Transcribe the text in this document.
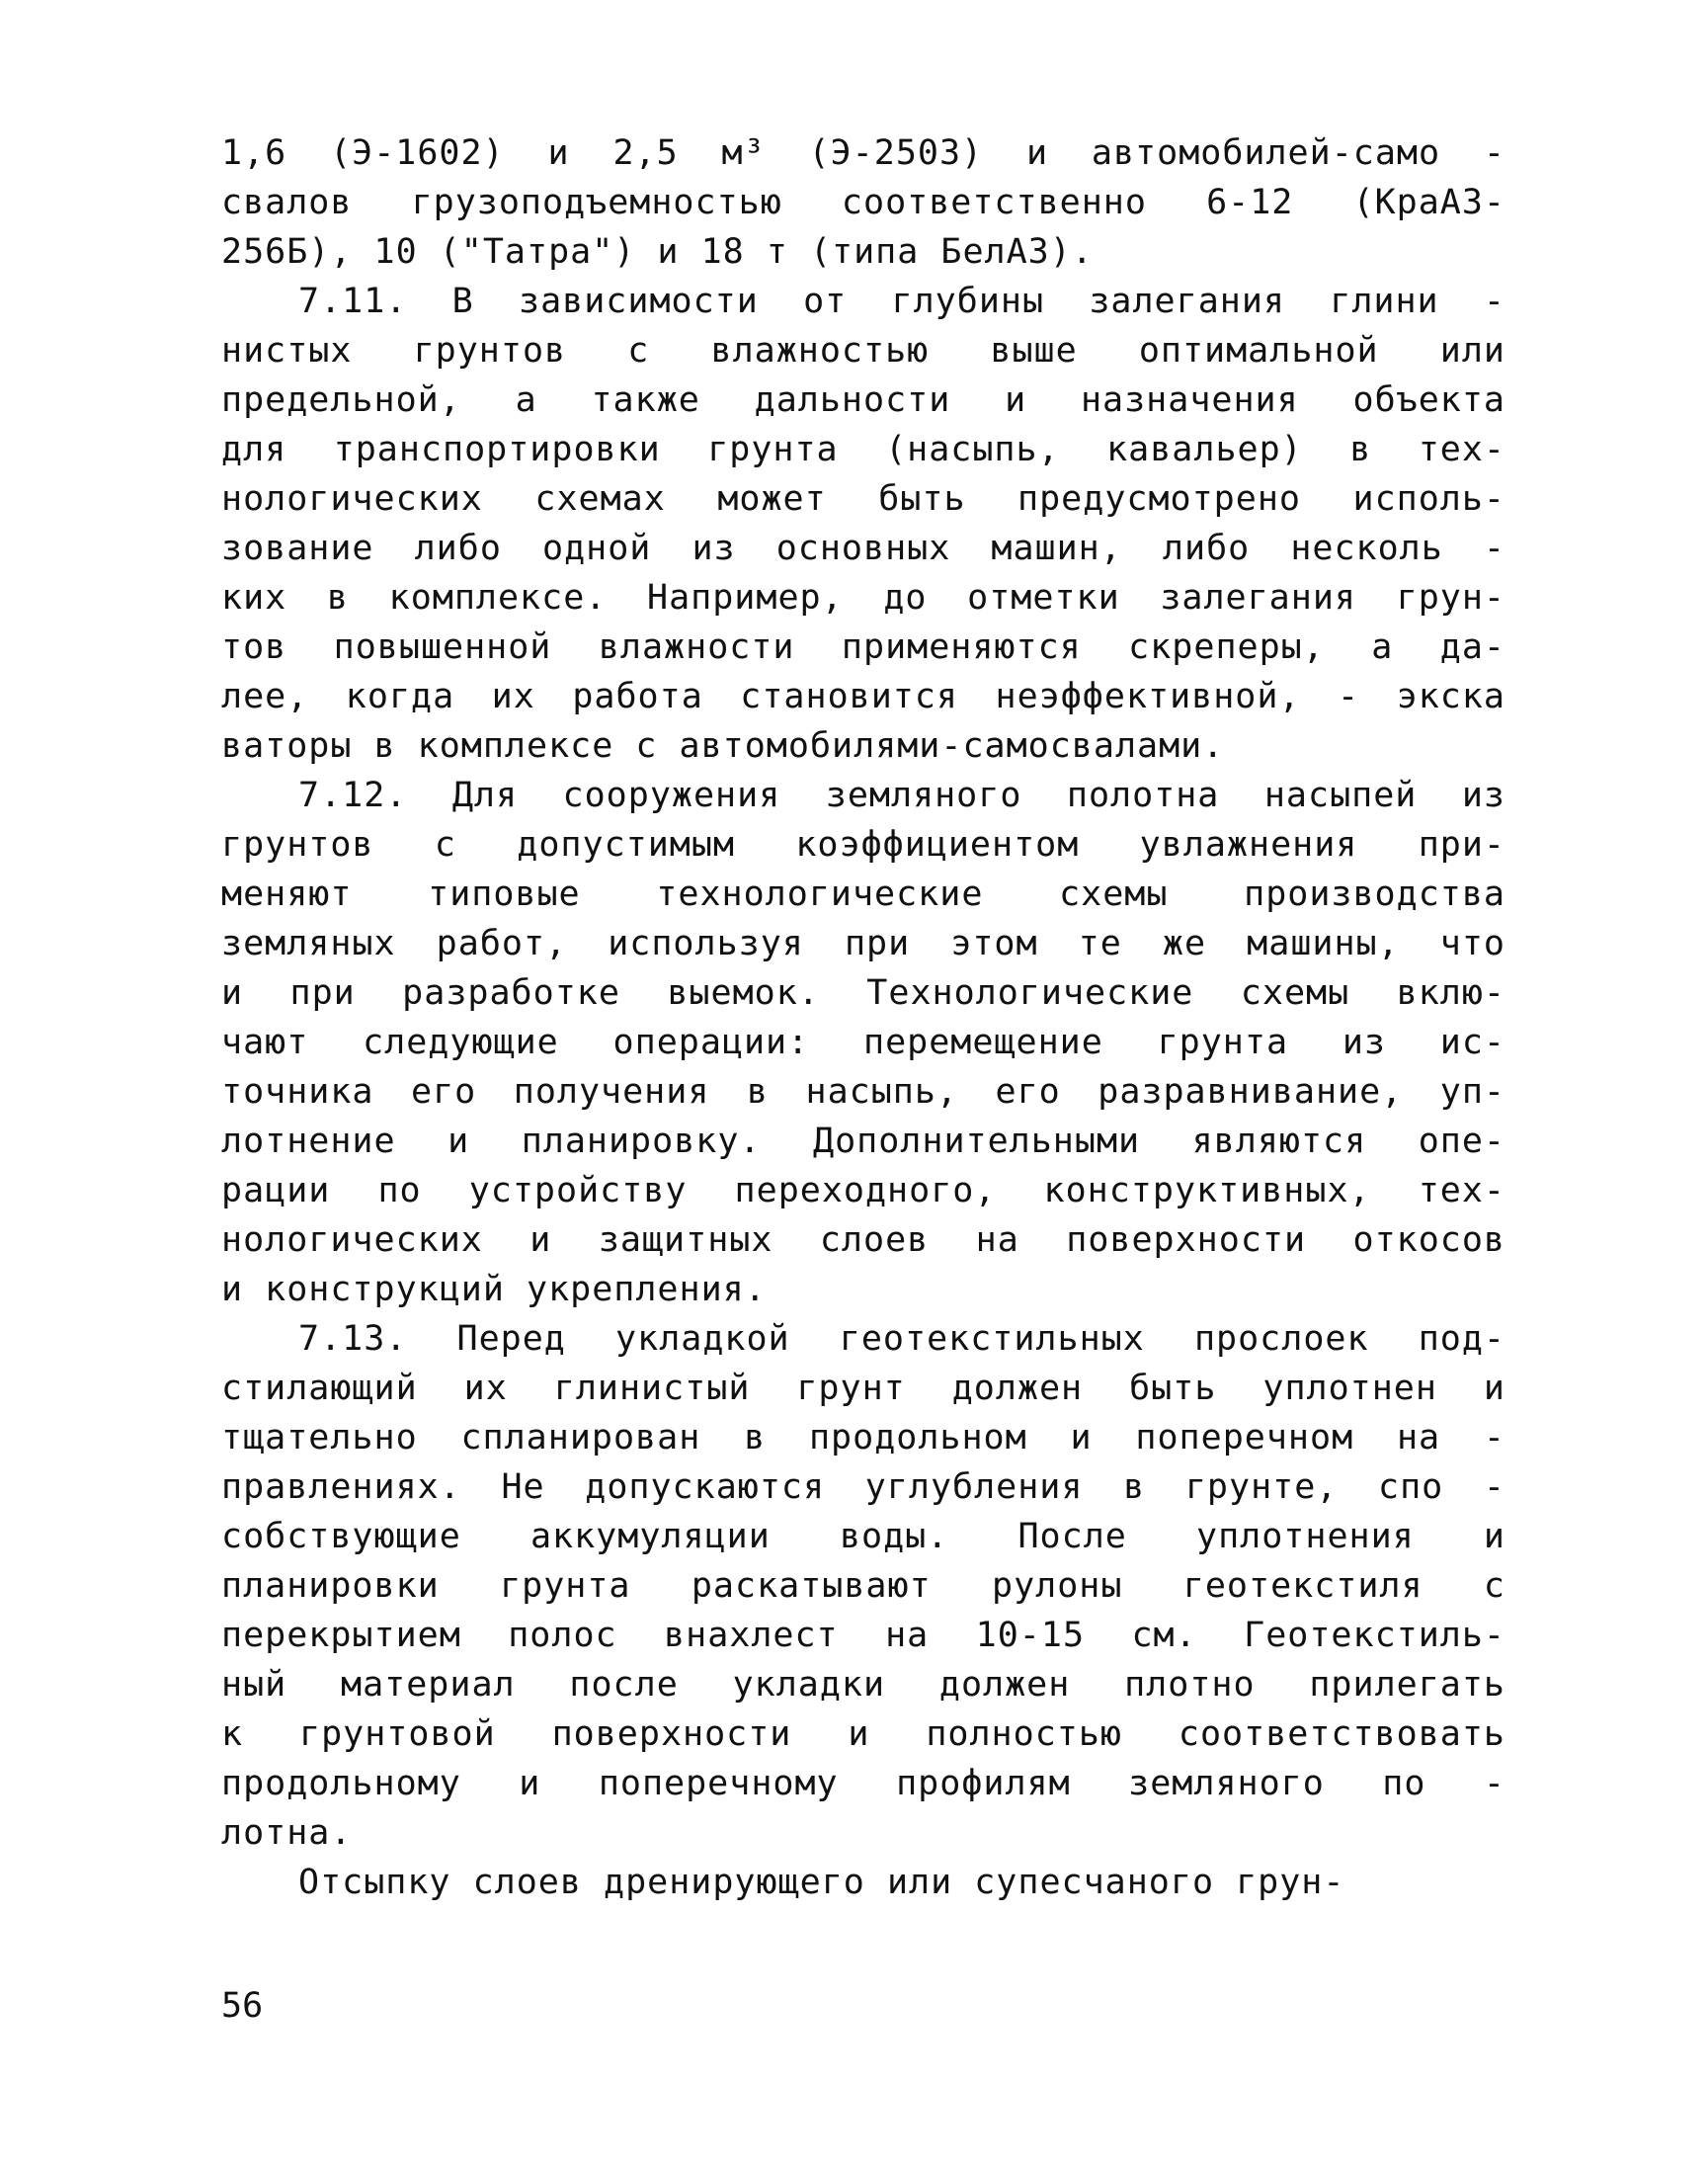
1,6 (Э-1602) и 2,5 м³ (Э-2503) и автомобилей-само -
свалов грузоподъемностью соответственно 6-12 (КраАЗ-
256Б), 10 ("Татра") и 18 т (типа БелАЗ).
7.11. В зависимости от глубины залегания глини -
нистых грунтов с влажностью выше оптимальной или
предельной, а также дальности и назначения объекта
для транспортировки грунта (насыпь, кавальер) в тех-
нологических схемах может быть предусмотрено исполь-
зование либо одной из основных машин, либо несколь -
ких в комплексе. Например, до отметки залегания грун-
тов повышенной влажности применяются скреперы, а да-
лее, когда их работа становится неэффективной, - экска
ваторы в комплексе с автомобилями-самосвалами.
7.12. Для сооружения земляного полотна насыпей из
грунтов с допустимым коэффициентом увлажнения при-
меняют типовые технологические схемы производства
земляных работ, используя при этом те же машины, что
и при разработке выемок. Технологические схемы вклю-
чают следующие операции: перемещение грунта из ис-
точника его получения в насыпь, его разравнивание, уп-
лотнение и планировку. Дополнительными являются опе-
рации по устройству переходного, конструктивных, тех-
нологических и защитных слоев на поверхности откосов
и конструкций укрепления.
7.13. Перед укладкой геотекстильных прослоек под-
стилающий их глинистый грунт должен быть уплотнен и
тщательно спланирован в продольном и поперечном на -
правлениях. Не допускаются углубления в грунте, спо -
собствующие аккумуляции воды. После уплотнения и
планировки грунта раскатывают рулоны геотекстиля с
перекрытием полос внахлест на 10-15 см. Геотекстиль-
ный материал после укладки должен плотно прилегать
к грунтовой поверхности и полностью соответствовать
продольному и поперечному профилям земляного по -
лотна.
Отсыпку слоев дренирующего или супесчаного грун-
56
